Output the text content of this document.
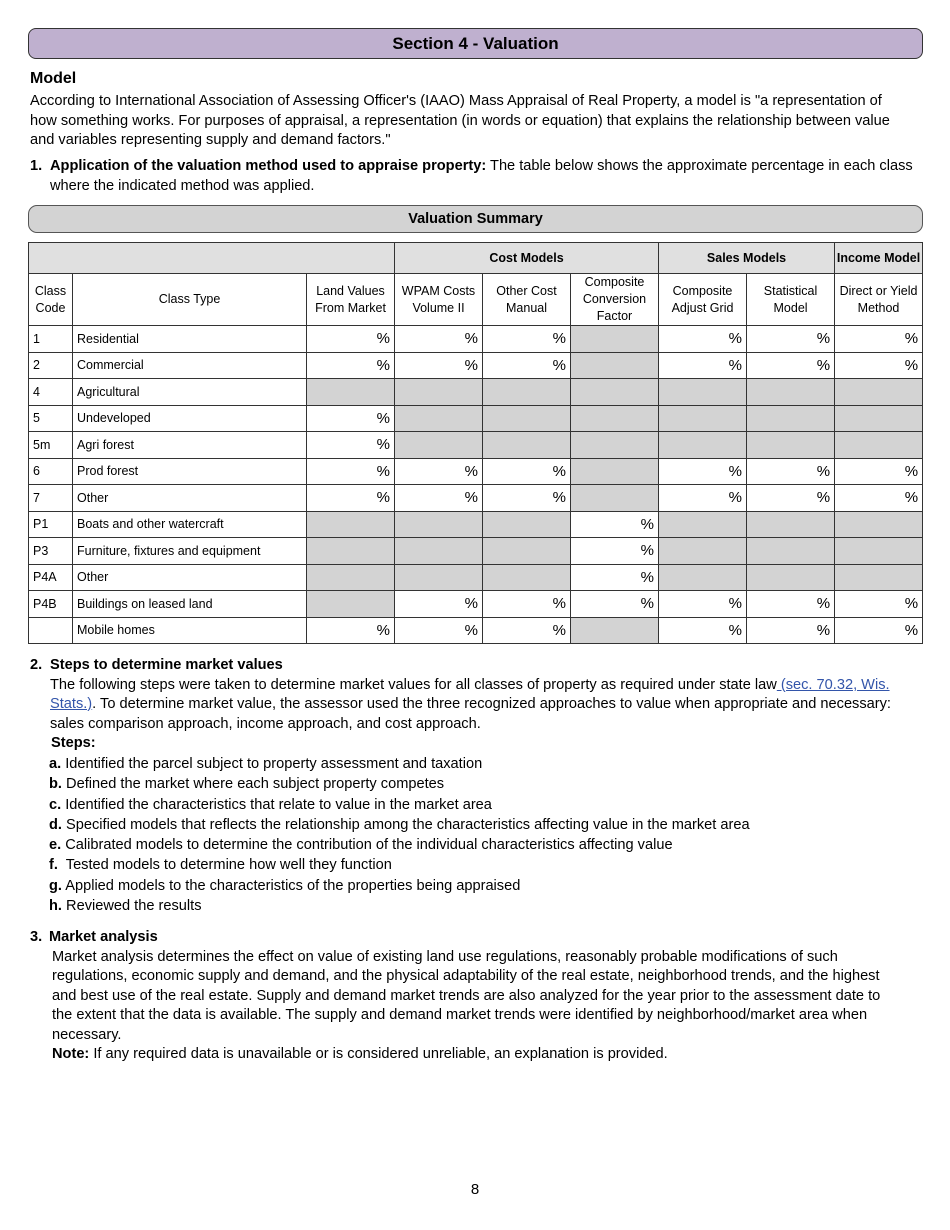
Section 4 - Valuation
Model
According to International Association of Assessing Officer's (IAAO) Mass Appraisal of Real Property, a model is "a representation of how something works. For purposes of appraisal, a representation (in words or equation) that explains the relationship between value and variables representing supply and demand factors."
1. Application of the valuation method used to appraise property: The table below shows the approximate percentage in each class where the indicated method was applied.
Valuation Summary
			Cost Models			Sales Models		Income Model
Class Code	Class Type	Land Values From Market	WPAM Costs Volume II	Other Cost Manual	Composite Conversion Factor	Composite Adjust Grid	Statistical Model	Direct or Yield Method
1	Residential	%	%	%		%	%	%
2	Commercial	%	%	%		%	%	%
4	Agricultural							
5	Undeveloped	%						
5m	Agri forest	%						
6	Prod forest	%	%	%		%	%	%
7	Other	%	%	%		%	%	%
P1	Boats and other watercraft				%			
P3	Furniture, fixtures and equipment				%			
P4A	Other				%			
P4B	Buildings on leased land		%	%	%	%	%	%
	Mobile homes	%	%	%		%	%	%
2. Steps to determine market values
The following steps were taken to determine market values for all classes of property as required under state law (sec. 70.32, Wis. Stats.). To determine market value, the assessor used the three recognized approaches to value when appropriate and necessary: sales comparison approach, income approach, and cost approach.
Steps:
a. Identified the parcel subject to property assessment and taxation
b. Defined the market where each subject property competes
c. Identified the characteristics that relate to value in the market area
d. Specified models that reflects the relationship among the characteristics affecting value in the market area
e. Calibrated models to determine the contribution of the individual characteristics affecting value
f.  Tested models to determine how well they function
g. Applied models to the characteristics of the properties being appraised
h. Reviewed the results
3. Market analysis
Market analysis determines the effect on value of existing land use regulations, reasonably probable modifications of such regulations, economic supply and demand, and the physical adaptability of the real estate, neighborhood trends, and the highest and best use of the real estate. Supply and demand market trends are also analyzed for the year prior to the assessment date to the extent that the data is available. The supply and demand market trends were identified by neighborhood/market area when necessary.
Note: If any required data is unavailable or is considered unreliable, an explanation is provided.
8
